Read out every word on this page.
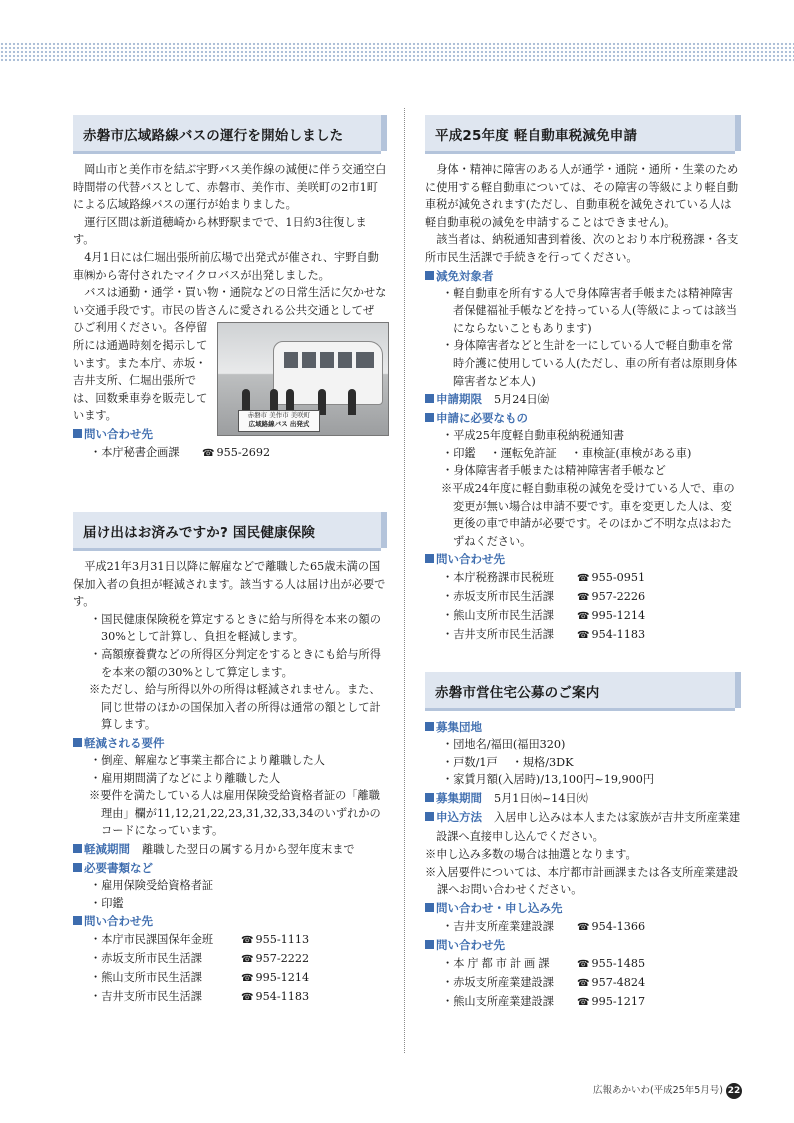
赤磐市広域路線バスの運行を開始しました

岡山市と美作市を結ぶ宇野バス美作線の減便に伴う交通空白時間帯の代替バスとして、赤磐市、美作市、美咲町の2市1町による広域路線バスの運行が始まりました。

運行区間は新道穂崎から林野駅までで、1日約3往復します。

4月1日には仁堀出張所前広場で出発式が催され、宇野自動車㈱から寄付されたマイクロバスが出発しました。

バスは通勤・通学・買い物・通院などの日常生活に欠かせない交通手段です。市民の皆さんに愛される公共交通としてぜ

ひご利用ください。各停留所には通過時刻を掲示しています。また本庁、赤坂・吉井支所、仁堀出張所では、回数乗車券を販売しています。	赤磐市 美作市 美咲町
広域路線バス 出発式

問い合わせ先

・本庁秘書企画課 ☎ 955-2692

届け出はお済みですか? 国民健康保険

平成21年3月31日以降に解雇などで離職した65歳未満の国保加入者の負担が軽減されます。該当する人は届け出が必要です。

・国民健康保険税を算定するときに給与所得を本来の額の30%として計算し、負担を軽減します。

・高額療養費などの所得区分判定をするときにも給与所得を本来の額の30%として算定します。

※ただし、給与所得以外の所得は軽減されません。また、同じ世帯のほかの国保加入者の所得は通常の額として計算します。

軽減される要件

・倒産、解雇など事業主都合により離職した人

・雇用期間満了などにより離職した人

※要件を満たしている人は雇用保険受給資格者証の「離職理由」欄が11,12,21,22,23,31,32,33,34のいずれかのコードになっています。

軽減期間 離職した翌日の属する月から翌年度末まで

必要書類など

・雇用保険受給資格者証

・印鑑

問い合わせ先

・本庁市民課国保年金班	☎ 955-1113

・赤坂支所市民生活課	☎ 957-2222

・熊山支所市民生活課	☎ 995-1214

・吉井支所市民生活課	☎ 954-1183

平成25年度 軽自動車税減免申請

身体・精神に障害のある人が通学・通院・通所・生業のために使用する軽自動車については、その障害の等級により軽自動車税が減免されます(ただし、自動車税を減免されている人は軽自動車税の減免を申請することはできません)。

該当者は、納税通知書到着後、次のとおり本庁税務課・各支所市民生活課で手続きを行ってください。

減免対象者

・軽自動車を所有する人で身体障害者手帳または精神障害者保健福祉手帳などを持っている人(等級によっては該当にならないこともあります)

・身体障害者などと生計を一にしている人で軽自動車を常時介護に使用している人(ただし、車の所有者は原則身体障害者など本人)

申請期限 5月24日㈮

申請に必要なもの

・平成25年度軽自動車税納税通知書

・印鑑 ・運転免許証 ・車検証(車検がある車)

・身体障害者手帳または精神障害者手帳など

※平成24年度に軽自動車税の減免を受けている人で、車の変更が無い場合は申請不要です。車を変更した人は、変更後の車で申請が必要です。そのほかご不明な点はおたずねください。

問い合わせ先

・本庁税務課市民税班 ☎ 955-0951

・赤坂支所市民生活課 ☎ 957-2226

・熊山支所市民生活課 ☎ 995-1214

・吉井支所市民生活課 ☎ 954-1183

赤磐市営住宅公募のご案内

募集団地

・団地名/福田(福田320)

・戸数/1戸 ・規格/3DK

・家賃月額(入居時)/13,100円~19,900円

募集期間 5月1日㈬~14日㈫

申込方法 入居申し込みは本人または家族が吉井支所産業建設課へ直接申し込んでください。

※申し込み多数の場合は抽選となります。

※入居要件については、本庁都市計画課または各支所産業建設課へお問い合わせください。

問い合わせ・申し込み先

・吉井支所産業建設課 ☎ 954-1366

問い合わせ先

・本庁都市計画課 ☎ 955-1485

・赤坂支所産業建設課 ☎ 957-4824

・熊山支所産業建設課 ☎ 995-1217

広報あかいわ(平成25年5月号) 22
